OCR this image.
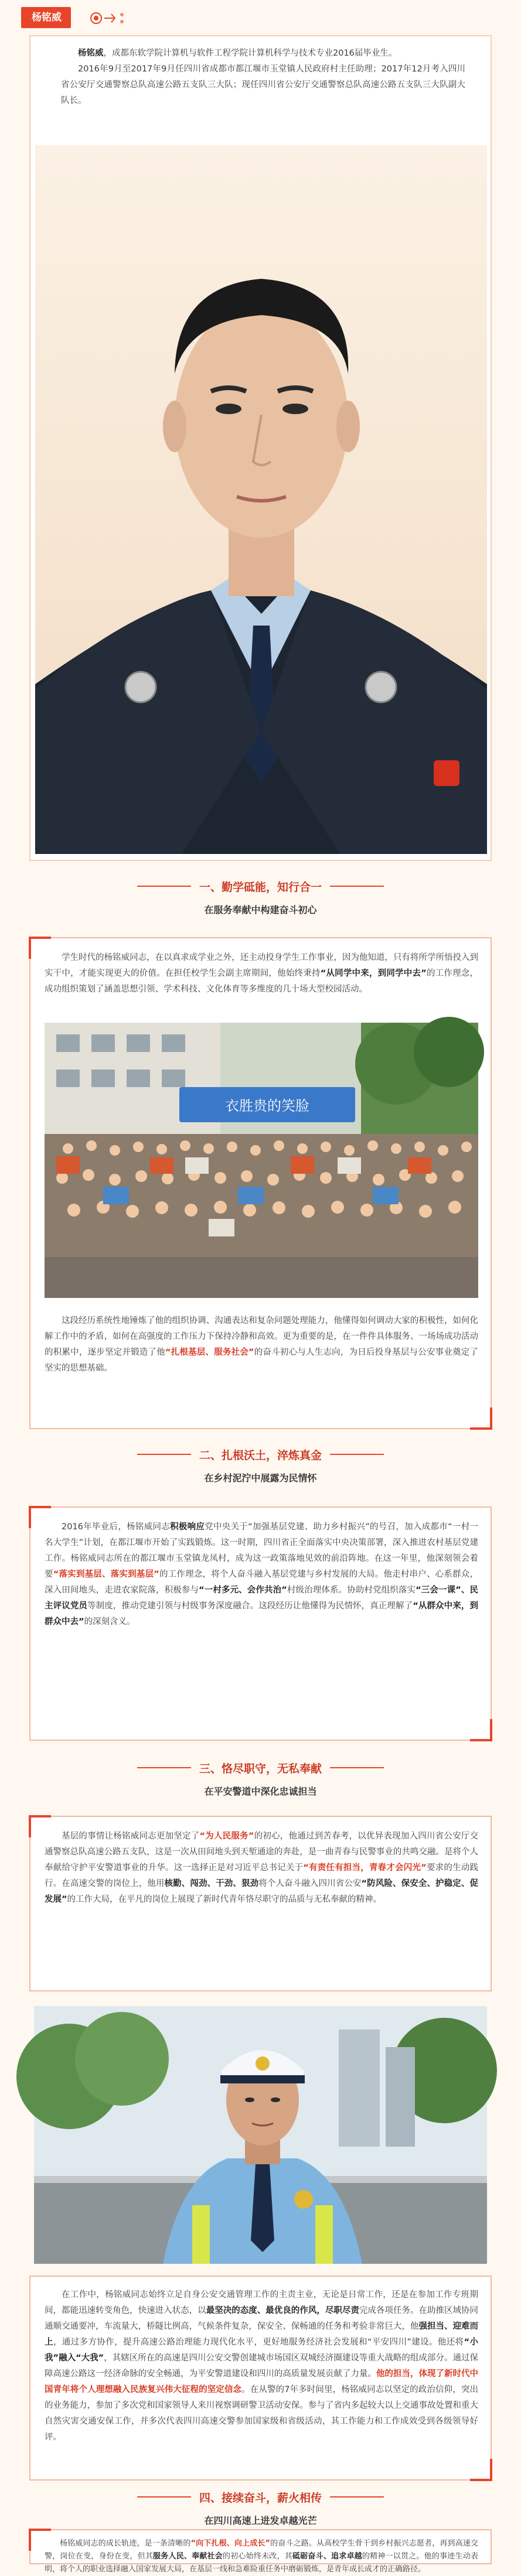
杨铭威

杨铭威，成都东软学院计算机与软件工程学院计算机科学与技术专业2016届毕业生。

2016年9月至2017年9月任四川省成都市都江堰市玉堂镇人民政府村主任助理；2017年12月考入四川省公安厅交通警察总队高速公路五支队三大队；现任四川省公安厅交通警察总队高速公路五支队三大队副大队长。

一、勤学砥能，知行合一
在服务奉献中构建奋斗初心

学生时代的杨铭威同志，在以真求成学业之外，还主动投身学生工作事业，因为他知道，只有将所学所悟投入到实干中，才能实现更大的价值。在担任校学生会副主席期间，他始终秉持“从同学中来，到同学中去”的工作理念，成功组织策划了涵盖思想引领、学术科技、文化体育等多维度的几十场大型校园活动。

衣胜贵的笑脸

这段经历系统性地锤炼了他的组织协调、沟通表达和复杂问题处理能力，他懂得如何调动大家的积极性，如何化解工作中的矛盾，如何在高强度的工作压力下保持冷静和高效。更为重要的是，在一件件具体服务、一场场成功活动的积累中，逐步坚定并锻造了他“扎根基层、服务社会”的奋斗初心与人生志向，为日后投身基层与公安事业奠定了坚实的思想基础。

二、扎根沃土，淬炼真金
在乡村泥泞中展露为民情怀

2016年毕业后，杨铭威同志积极响应党中央关于“加强基层党建、助力乡村振兴”的号召，加入成都市“一村一名大学生”计划，在都江堰市开始了实践锻炼。这一时期，四川省正全面落实中央决策部署，深入推进农村基层党建工作。杨铭威同志所在的都江堰市玉堂镇龙凤村，成为这一政策落地见效的前沿阵地。在这一年里，他深刻领会着要“落实到基层、落实到基层”的工作理念，将个人奋斗融入基层党建与乡村发展的大局。他走村串户、心系群众，深入田间地头，走进农家院落，积极参与“一村多元、会作共治”村级治理体系。协助村党组织落实“三会一课”、民主评议党员等制度，推动党建引领与村级事务深度融合。这段经历让他懂得为民情怀，真正理解了“从群众中来，到群众中去”的深刻含义。

三、恪尽职守，无私奉献
在平安警道中深化忠诚担当

基层的事情让杨铭威同志更加坚定了“为人民服务”的初心，他通过到苦春考，以优异表现加入四川省公安厅交通警察总队高速公路五支队，这是一次从田间地头到天堑通途的奔赴，是一曲青春与民警事业的共鸣交融。是将个人奉献给守护平安警道事业的升华。这一选择正是对习近平总书记关于“有责任有担当，青春才会闪光”要求的生动践行。在高速交警的岗位上，他用核勤、闯劲、干劲、狠劲将个人奋斗融入四川省公安“防风险、保安全、护稳定、促发展”的工作大局，在平凡的岗位上展现了新时代青年恪尽职守的品质与无私奉献的精神。

在工作中，杨铭威同志始终立足自身公安交通管理工作的主责主业，无论是日常工作，还是在参加工作专班期间，都能迅速转变角色，快速进入状态，以最坚决的态度、最优良的作风，尽职尽责完成各项任务。在助推区域协同通顺交通要冲，车流量大，桥隧比例高，气候条件复杂，保安全、保畅通的任务和考验非常巨大，他强担当、迎难而上，通过多方协作，提升高速公路治理能力现代化水平，更好地服务经济社会发展和“平安四川”建设。他还将“小我”融入“大我”，其辖区所在的高速是四川公安交警创建城市场国区双城经济圈建设等重大战略的组成部分。通过保障高速公路这一经济命脉的安全畅通，为平安警道建设和四川的高质量发展贡献了力量。他的担当，体现了新时代中国青年将个人理想融入民族复兴伟大征程的坚定信念。在从警的7年多时间里，杨铭威同志以坚定的政治信仰，突出的业务能力，参加了多次党和国家领导人来川视察调研警卫活动安保。参与了省内多起较大以上交通事故处置和重大自然灾害交通安保工作，并多次代表四川高速交警参加国家级和省级活动，其工作能力和工作成效受到各级领导好评。

四、接续奋斗，薪火相传
在四川高速上进发卓越光芒

杨铭威同志的成长轨迹，是一条清晰的“向下扎根、向上成长”的奋斗之路。从高校学生骨干到乡村振兴志愿者，再到高速交警，岗位在变，身份在变，但其服务人民、奉献社会的初心始终未改，其砥砺奋斗、追求卓越的精神一以贯之。他的事迹生动表明，将个人的职业选择融入国家发展大局，在基层一线和急难险重任务中磨砺锻炼，是青年成长成才的正确路径。
